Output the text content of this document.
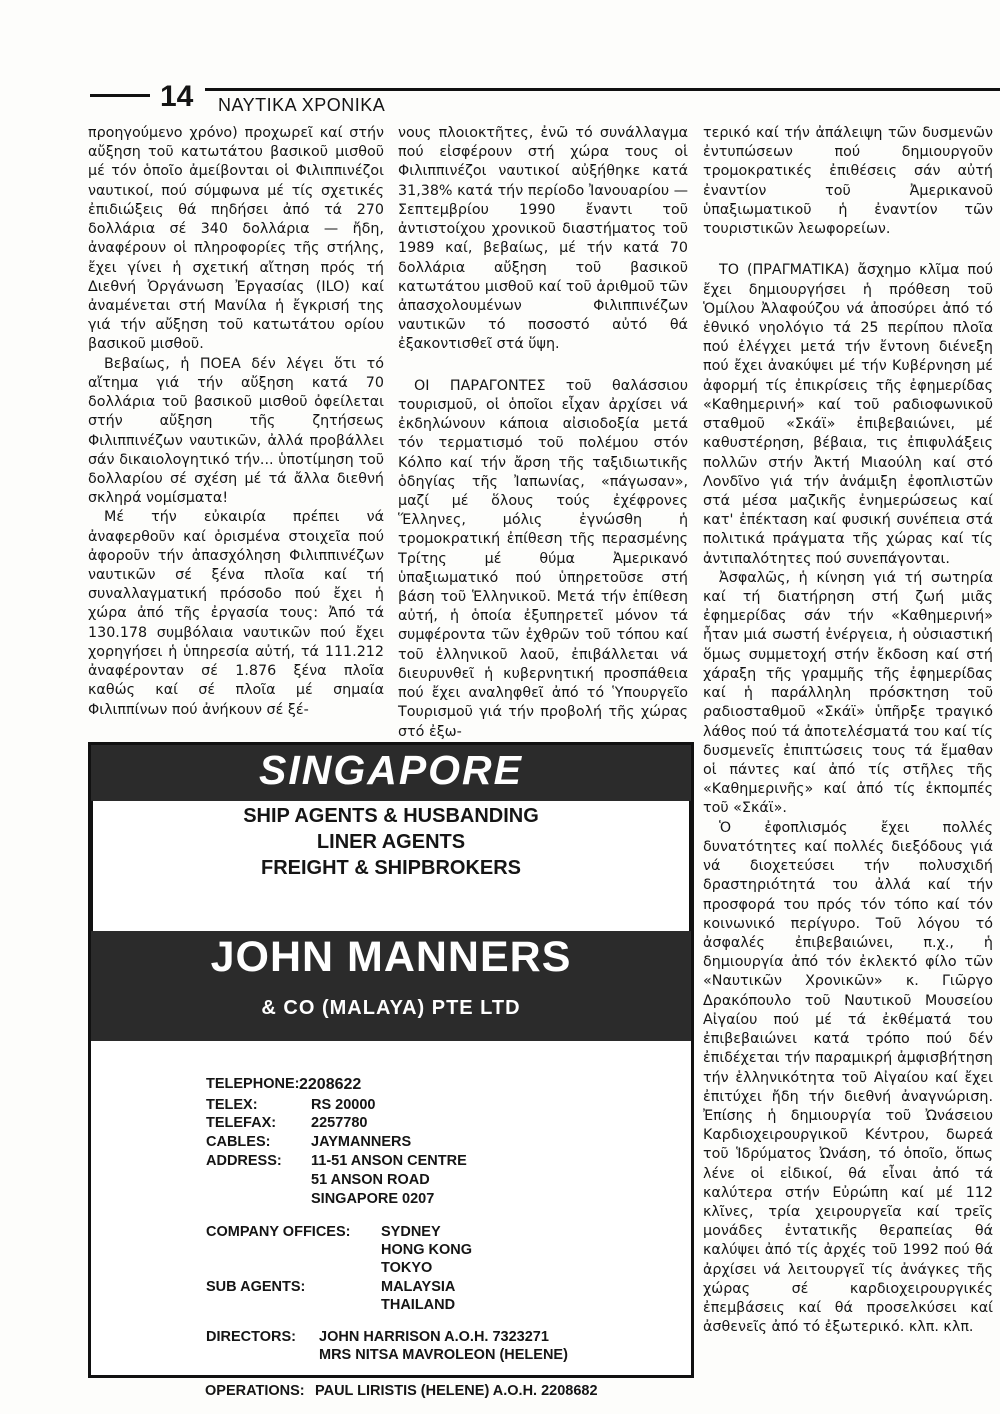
14 ΝΑΥΤΙΚΑ ΧΡΟΝΙΚΑ

προηγούμενο χρόνο) προχωρεῖ καί στήν αὔξηση τοῦ κατωτάτου βασικοῦ μισθοῦ μέ τόν ὁποῖο ἀμείβονται οἱ Φιλιππινέζοι ναυτικοί, πού σύμφωνα μέ τίς σχετικές ἐπιδιώξεις θά πηδήσει ἀπό τά 270 δολλάρια σέ 340 δολλάρια — ἤδη, ἀναφέρουν οἱ πληροφορίες τῆς στήλης, ἔχει γίνει ἡ σχετική αἴτηση πρός τή Διεθνή Ὀργάνωση Ἐργασίας (ILO) καί ἀναμένεται στή Μανίλα ἡ ἔγκρισή της γιά τήν αὔξηση τοῦ κατωτάτου ορίου βασικοῦ μισθοῦ.

Βεβαίως, ἡ ΠΟΕΑ δέν λέγει ὅτι τό αἴτημα γιά τήν αὔξηση κατά 70 δολλάρια τοῦ βασικοῦ μισθοῦ ὀφείλεται στήν αὔξηση τῆς ζητήσεως Φιλιππινέζων ναυτικῶν, ἀλλά προβάλλει σάν δικαιολογητικό τήν... ὑποτίμηση τοῦ δολλαρίου σέ σχέση μέ τά ἄλλα διεθνή σκληρά νομίσματα!

Μέ τήν εὐκαιρία πρέπει νά ἀναφερθοῦν καί ὁρισμένα στοιχεῖα πού ἀφοροῦν τήν ἀπασχόληση Φιλιππινέζων ναυτικῶν σέ ξένα πλοῖα καί τή συναλλαγματική πρόσοδο πού ἔχει ἡ χώρα ἀπό τῆς ἐργασία τους: Ἀπό τά 130.178 συμβόλαια ναυτικῶν πού ἔχει χορηγήσει ἡ ὑπηρεσία αὐτή, τά 111.212 ἀναφέρονταν σέ 1.876 ξένα πλοῖα καθώς καί σέ πλοῖα μέ σημαία Φιλιππίνων πού ἀνήκουν σέ ξέ-

νους πλοιοκτῆτες, ἐνῶ τό συνάλλαγμα πού εἰσφέρουν στή χώρα τους οἱ Φιλιππινέζοι ναυτικοί αὐξήθηκε κατά 31,38% κατά τήν περίοδο Ἰανουαρίου — Σεπτεμβρίου 1990 ἔναντι τοῦ ἀντιστοίχου χρονικοῦ διαστήματος τοῦ 1989 καί, βεβαίως, μέ τήν κατά 70 δολλάρια αὔξηση τοῦ βασικοῦ κατωτάτου μισθοῦ καί τοῦ ἀριθμοῦ τῶν ἀπασχολουμένων Φιλιππινέζων ναυτικῶν τό ποσοστό αὐτό θά ἐξακοντισθεῖ στά ὕψη.

ΟΙ ΠΑΡΑΓΟΝΤΕΣ τοῦ θαλάσσιου τουρισμοῦ, οἱ ὁποῖοι εἶχαν ἀρχίσει νά ἐκδηλώνουν κάποια αἰσιοδοξία μετά τόν τερματισμό τοῦ πολέμου στόν Κόλπο καί τήν ἄρση τῆς ταξιδιωτικῆς ὁδηγίας τῆς Ἰαπωνίας, «πάγωσαν», μαζί μέ ὅλους τούς ἐχέφρονες Ἕλληνες, μόλις ἐγνώσθη ἡ τρομοκρατική ἐπίθεση τῆς περασμένης Τρίτης μέ θύμα Ἀμερικανό ὑπαξιωματικό πού ὑπηρετοῦσε στή βάση τοῦ Ἑλληνικοῦ. Μετά τήν ἐπίθεση αὐτή, ἡ ὁποία ἐξυπηρετεῖ μόνον τά συμφέροντα τῶν ἐχθρῶν τοῦ τόπου καί τοῦ ἑλληνικοῦ λαοῦ, ἐπιβάλλεται νά διευρυνθεῖ ἡ κυβερνητική προσπάθεια πού ἔχει αναληφθεῖ ἀπό τό Ὑπουργεῖο Τουρισμοῦ γιά τήν προβολή τῆς χώρας στό ἐξω-

τερικό καί τήν ἀπάλειψη τῶν δυσμενῶν ἐντυπώσεων πού δημιουργοῦν τρομοκρατικές ἐπιθέσεις σάν αὐτή ἐναντίον τοῦ Ἀμερικανοῦ ὑπαξιωματικοῦ ἡ ἐναντίον τῶν τουριστικῶν λεωφορείων.

ΤΟ (ΠΡΑΓΜΑΤΙΚΑ) ἄσχημο κλῖμα πού ἔχει δημιουργήσει ἡ πρόθεση τοῦ Ὁμίλου Ἀλαφούζου νά ἀποσύρει ἀπό τό ἐθνικό νηολόγιο τά 25 περίπου πλοῖα πού ἐλέγχει μετά τήν ἔντονη διένεξη πού ἔχει ἀνακύψει μέ τήν Κυβέρνηση μέ ἀφορμή τίς ἐπικρίσεις τῆς ἐφημερίδας «Καθημερινή» καί τοῦ ραδιοφωνικοῦ σταθμοῦ «Σκάϊ» ἐπιβεβαιώνει, μέ καθυστέρηση, βέβαια, τις ἐπιφυλάξεις πολλῶν στήν Ἀκτή Μιαούλη καί στό Λονδῖνο γιά τήν ἀνάμιξη ἐφοπλιστῶν στά μέσα μαζικῆς ἐνημερώσεως καί κατ' ἐπέκταση καί φυσική συνέπεια στά πολιτικά πράγματα τῆς χώρας καί τίς ἀντιπαλότητες πού συνεπάγονται.

Ἀσφαλῶς, ἡ κίνηση γιά τή σωτηρία καί τή διατήρηση στή ζωή μιᾶς ἐφημερίδας σάν τήν «Καθημερινή» ἦταν μιά σωστή ἐνέργεια, ἡ οὐσιαστική ὅμως συμμετοχή στήν ἔκδοση καί στή χάραξη τῆς γραμμῆς τῆς ἐφημερίδας καί ἡ παράλληλη πρόσκτηση τοῦ ραδιοσταθμοῦ «Σκάϊ» ὑπῆρξε τραγικό λάθος πού τά ἀποτελέσματά του καί τίς δυσμενεῖς ἐπιπτώσεις τους τά ἔμαθαν οἱ πάντες καί ἀπό τίς στῆλες τῆς «Καθημερινῆς» καί ἀπό τίς ἐκπομπές τοῦ «Σκάϊ».

Ὁ ἐφοπλισμός ἔχει πολλές δυνατότητες καί πολλές διεξόδους γιά νά διοχετεύσει τήν πολυσχιδή δραστηριότητά του ἀλλά καί τήν προσφορά του πρός τόν τόπο καί τόν κοινωνικό περίγυρο. Τοῦ λόγου τό ἀσφαλές ἐπιβεβαιώνει, π.χ., ἡ δημιουργία ἀπό τόν ἐκλεκτό φίλο τῶν «Ναυτικῶν Χρονικῶν» κ. Γιῶργο Δρακόπουλο τοῦ Ναυτικοῦ Μουσείου Αἰγαίου πού μέ τά ἐκθέματά του ἐπιβεβαιώνει κατά τρόπο πού δέν ἐπιδέχεται τήν παραμικρή ἀμφισβήτηση τήν ἑλληνικότητα τοῦ Αἰγαίου καί ἔχει ἐπιτύχει ἤδη τήν διεθνή ἀναγνώριση. Ἐπίσης ἡ δημιουργία τοῦ Ὠνάσειου Καρδιοχειρουργικοῦ Κέντρου, δωρεά τοῦ Ἱδρύματος Ὠνάση, τό ὁποῖο, ὅπως λένε οἱ εἰδικοί, θά εἶναι ἀπό τά καλύτερα στήν Εὐρώπη καί μέ 112 κλῖνες, τρία χειρουργεῖα καί τρεῖς μονάδες ἐντατικῆς θεραπείας θά καλύψει ἀπό τίς ἀρχές τοῦ 1992 πού θά ἀρχίσει νά λειτουργεῖ τίς ἀνάγκες τῆς χώρας σέ καρδιοχειρουργικές ἐπεμβάσεις καί θά προσελκύσει καί ἀσθενεῖς ἀπό τό ἐξωτερικό. κλπ. κλπ.

SINGAPORE
SHIP AGENTS & HUSBANDING
LINER AGENTS
FREIGHT & SHIPBROKERS
JOHN MANNERS
& CO (MALAYA) PTE LTD
TELEPHONE: 2208622
TELEX:	RS 20000
TELEFAX: 2257780
CABLES:	JAYMANNERS
ADDRESS: 11-51 ANSON CENTRE
51 ANSON ROAD
SINGAPORE 0207
COMPANY OFFICES: SYDNEY
HONG KONG
TOKYO
SUB AGENTS:	MALAYSIA
THAILAND
DIRECTORS: JOHN HARRISON A.O.H. 7323271
MRS NITSA MAVROLEON (HELENE)
OPERATIONS: PAUL LIRISTIS (HELENE) A.O.H. 2208682
